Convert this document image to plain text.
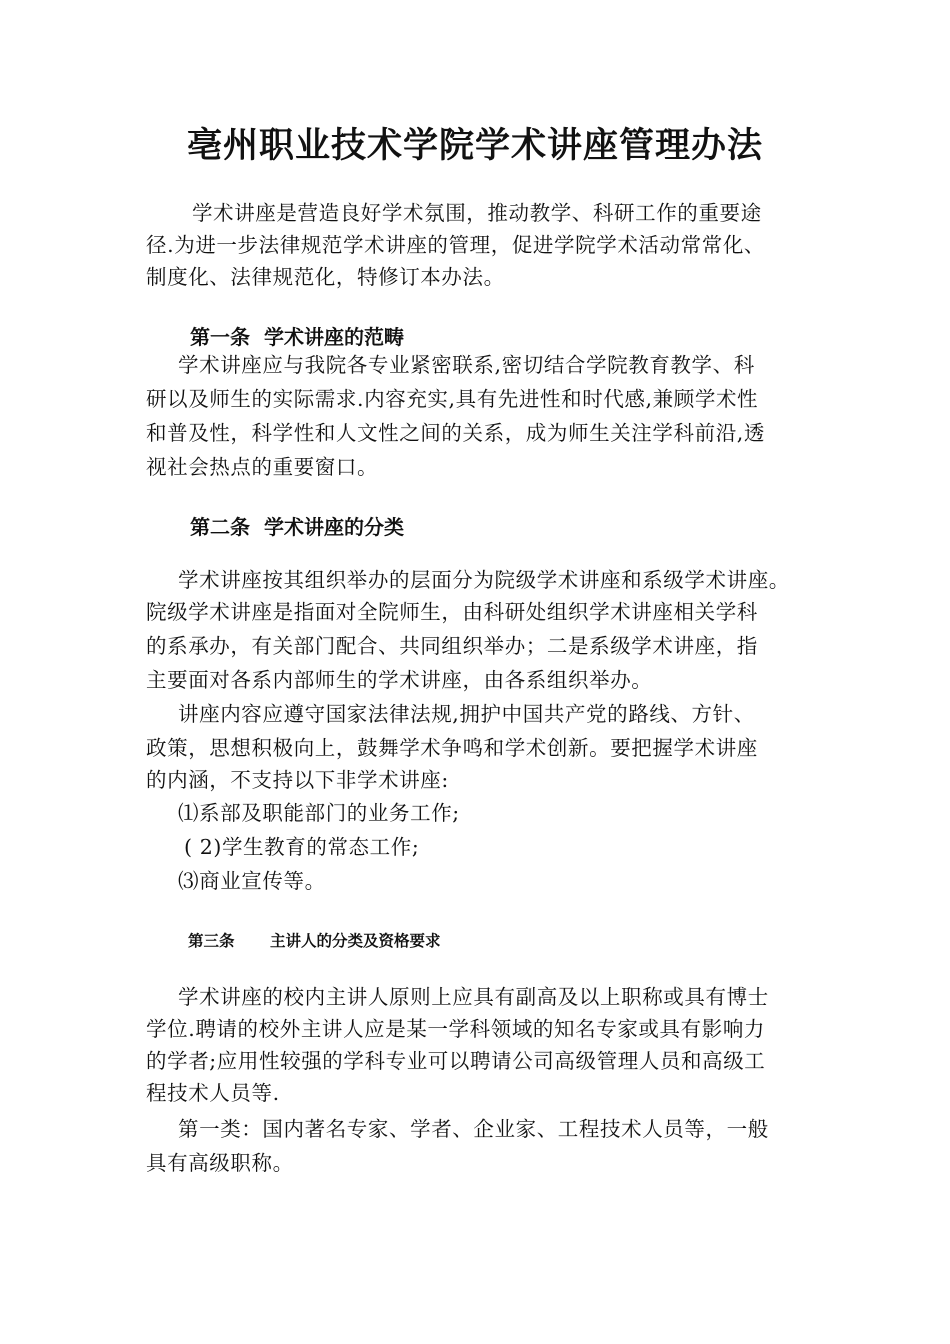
亳州职业技术学院学术讲座管理办法
学术讲座是营造良好学术氛围，推动教学、科研工作的重要途
径.为进一步法律规范学术讲座的管理，促进学院学术活动常常化、
制度化、法律规范化，特修订本办法。
第一条 学术讲座的范畴
学术讲座应与我院各专业紧密联系,密切结合学院教育教学、科
研以及师生的实际需求.内容充实,具有先进性和时代感,兼顾学术性
和普及性，科学性和人文性之间的关系，成为师生关注学科前沿,透
视社会热点的重要窗口。
第二条 学术讲座的分类
学术讲座按其组织举办的层面分为院级学术讲座和系级学术讲座。
院级学术讲座是指面对全院师生，由科研处组织学术讲座相关学科
的系承办，有关部门配合、共同组织举办；二是系级学术讲座，指
主要面对各系内部师生的学术讲座，由各系组织举办。
讲座内容应遵守国家法律法规,拥护中国共产党的路线、方针、
政策，思想积极向上，鼓舞学术争鸣和学术创新。要把握学术讲座
的内涵，不支持以下非学术讲座:
⑴系部及职能部门的业务工作;
( 2)学生教育的常态工作;
⑶商业宣传等。
第三条 主讲人的分类及资格要求
学术讲座的校内主讲人原则上应具有副高及以上职称或具有博士
学位.聘请的校外主讲人应是某一学科领域的知名专家或具有影响力
的学者;应用性较强的学科专业可以聘请公司高级管理人员和高级工
程技术人员等.
第一类：国内著名专家、学者、企业家、工程技术人员等，一般
具有高级职称。
